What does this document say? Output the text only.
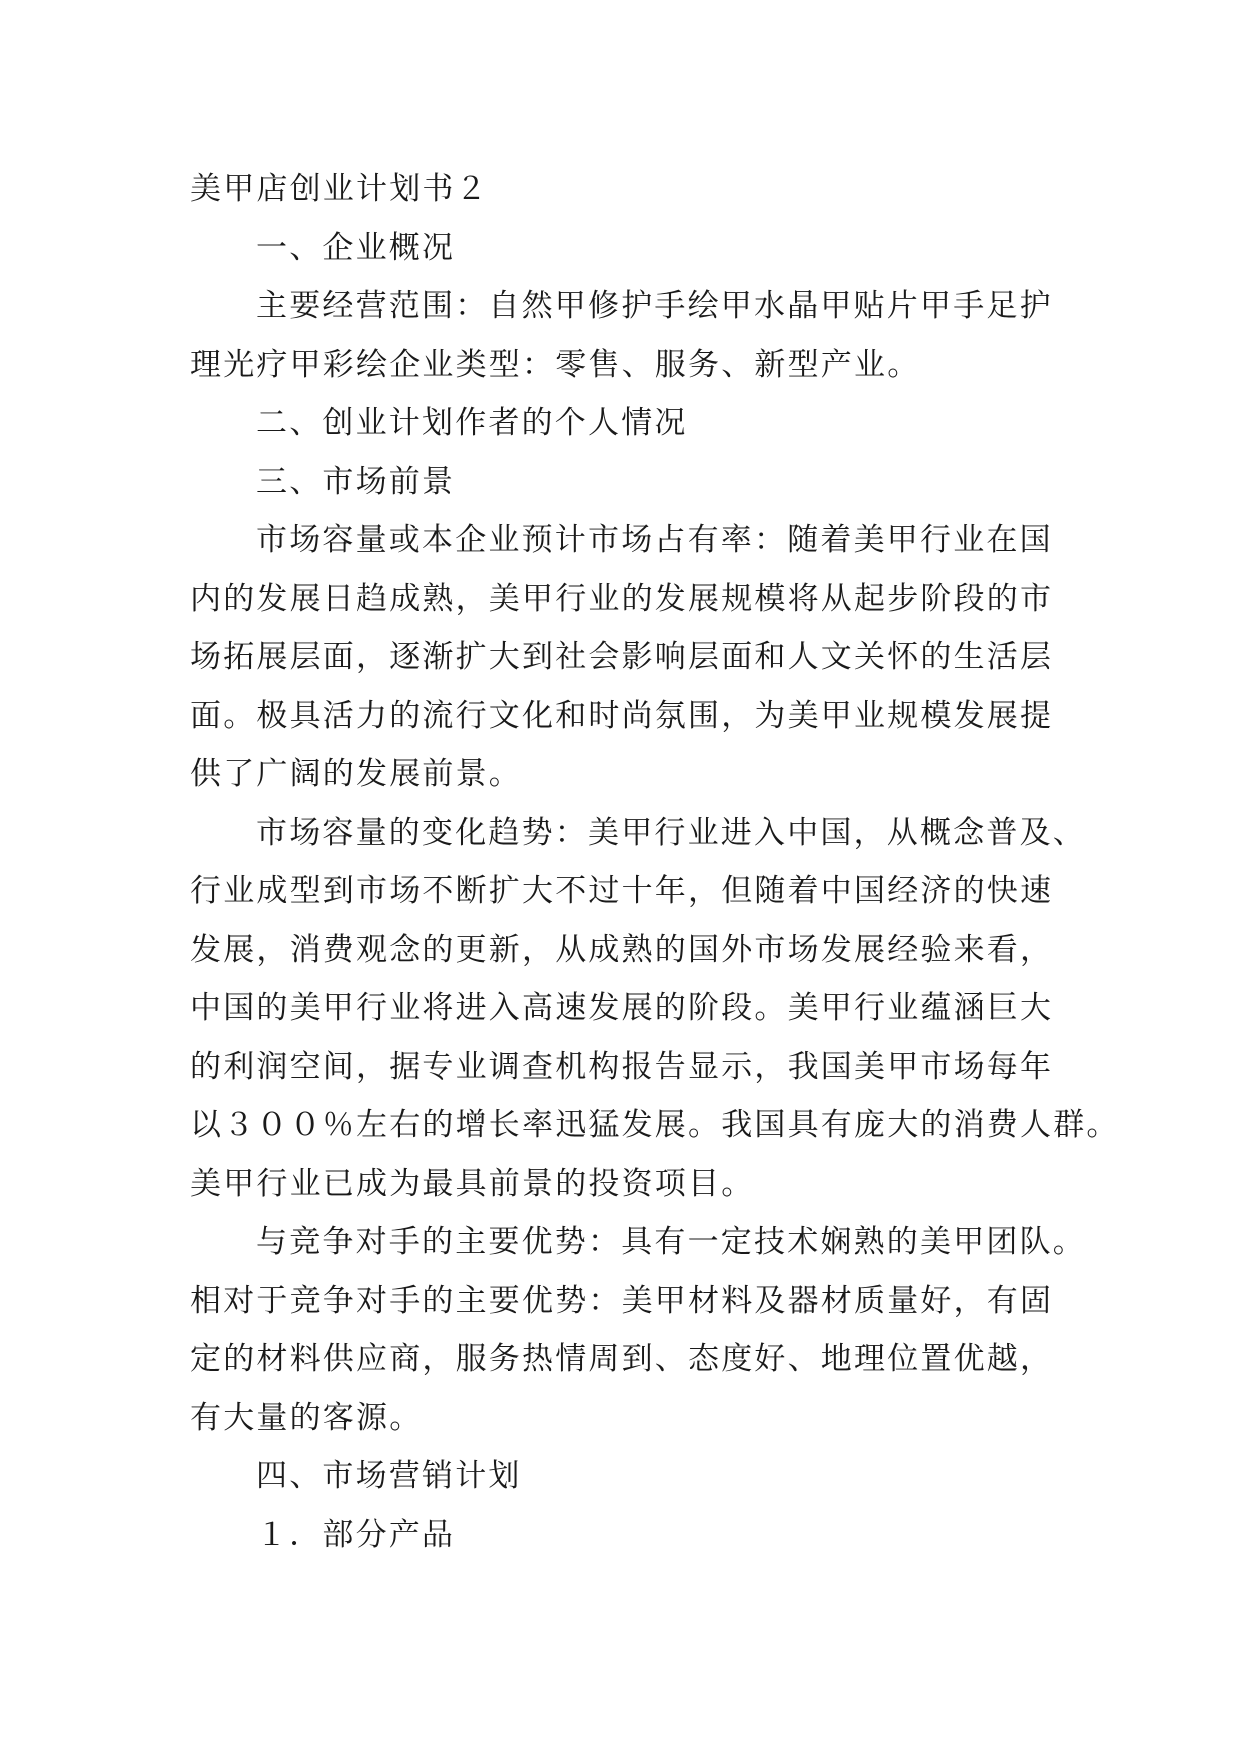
美甲店创业计划书２

一、企业概况

主要经营范围：自然甲修护手绘甲水晶甲贴片甲手足护

理光疗甲彩绘企业类型：零售、服务、新型产业。

二、创业计划作者的个人情况

三、市场前景

市场容量或本企业预计市场占有率：随着美甲行业在国

内的发展日趋成熟，美甲行业的发展规模将从起步阶段的市

场拓展层面，逐渐扩大到社会影响层面和人文关怀的生活层

面。极具活力的流行文化和时尚氛围，为美甲业规模发展提

供了广阔的发展前景。

市场容量的变化趋势：美甲行业进入中国，从概念普及、

行业成型到市场不断扩大不过十年，但随着中国经济的快速

发展，消费观念的更新，从成熟的国外市场发展经验来看，

中国的美甲行业将进入高速发展的阶段。美甲行业蕴涵巨大

的利润空间，据专业调查机构报告显示，我国美甲市场每年

以３００％左右的增长率迅猛发展。我国具有庞大的消费人群。

美甲行业已成为最具前景的投资项目。

与竞争对手的主要优势：具有一定技术娴熟的美甲团队。

相对于竞争对手的主要优势：美甲材料及器材质量好，有固

定的材料供应商，服务热情周到、态度好、地理位置优越，

有大量的客源。

四、市场营销计划

１．部分产品
